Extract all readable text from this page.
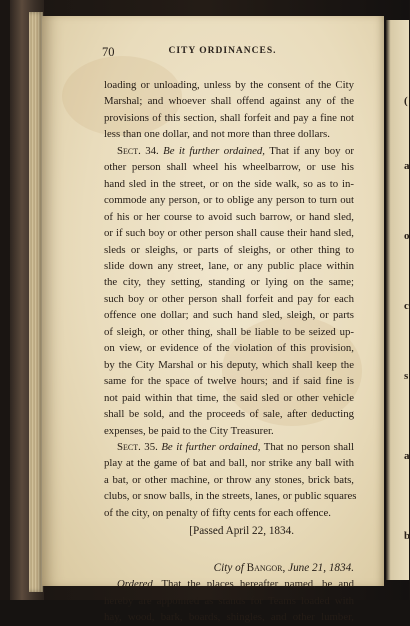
(
a
o
c
s
a
b
70	CITY ORDINANCES.
loading or unloading, unless by the consent of the City
Marshal; and whoever shall offend against any of the
provisions of this section, shall forfeit and pay a fine not
less than one dollar, and not more than three dollars.
Sect. 34. Be it further ordained, That if any boy or
other person shall wheel his wheelbarrow, or use his
hand sled in the street, or on the side walk, so as to in-
commode any person, or to oblige any person to turn out
of his or her course to avoid such barrow, or hand sled,
or if such boy or other person shall cause their hand sled,
sleds or sleighs, or parts of sleighs, or other thing to
slide down any street, lane, or any public place within
the city, they setting, standing or lying on the same;
such boy or other person shall forfeit and pay for each
offence one dollar; and such hand sled, sleigh, or parts
of sleigh, or other thing, shall be liable to be seized up-
on view, or evidence of the violation of this provision,
by the City Marshal or his deputy, which shall keep the
same for the space of twelve hours; and if said fine is
not paid within that time, the said sled or other vehicle
shall be sold, and the proceeds of sale, after deducting
expenses, be paid to the City Treasurer.
Sect. 35. Be it further ordained, That no person shall
play at the game of bat and ball, nor strike any ball with
a bat, or other machine, or throw any stones, brick bats,
clubs, or snow balls, in the streets, lanes, or public squares
of the city, on penalty of fifty cents for each offence.
[Passed April 22, 1834.
City of Bangor, June 21, 1834.
Ordered, That the places hereafter named, be and
hereby are appointed as stands for Teams loaded with
hay, wood, bark, boards, shingles, and other lumber,
